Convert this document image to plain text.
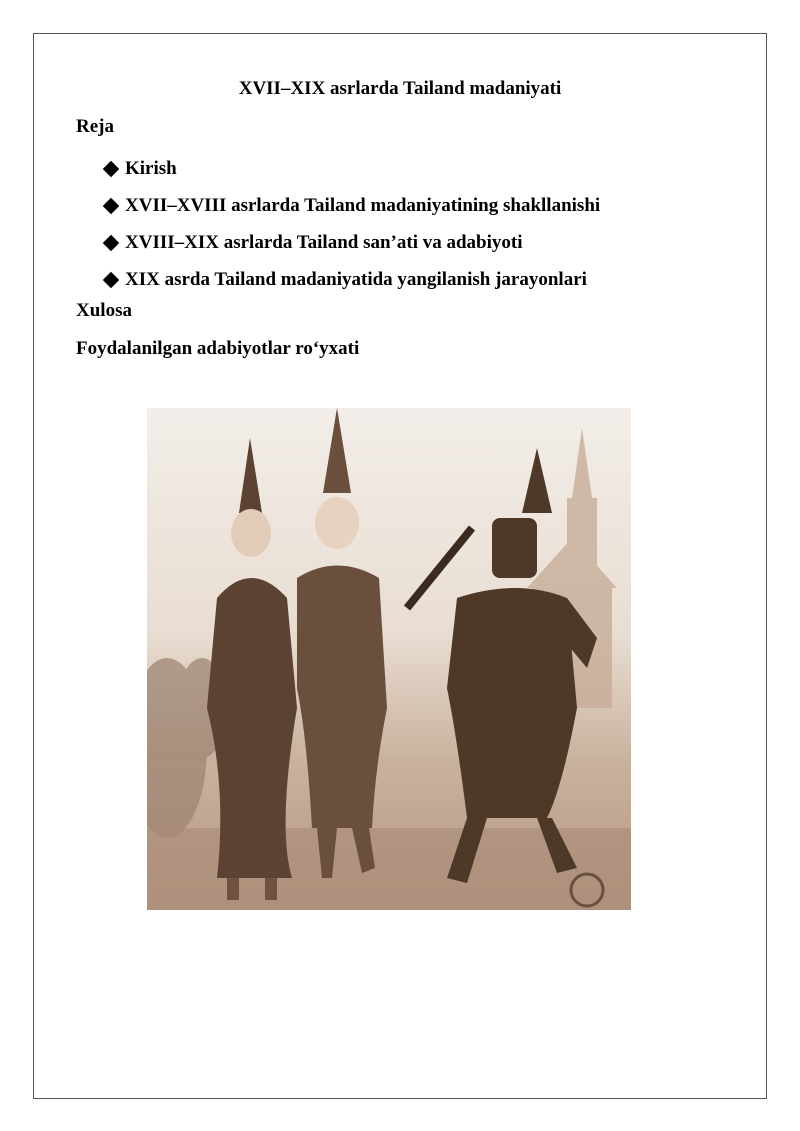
XVII–XIX asrlarda Tailand madaniyati
Reja
Kirish
XVII–XVIII asrlarda Tailand madaniyatining shakllanishi
XVIII–XIX asrlarda Tailand san’ati va adabiyoti
XIX asrda Tailand madaniyatida yangilanish jarayonlari
Xulosa
Foydalanilgan adabiyotlar ro‘yxati
